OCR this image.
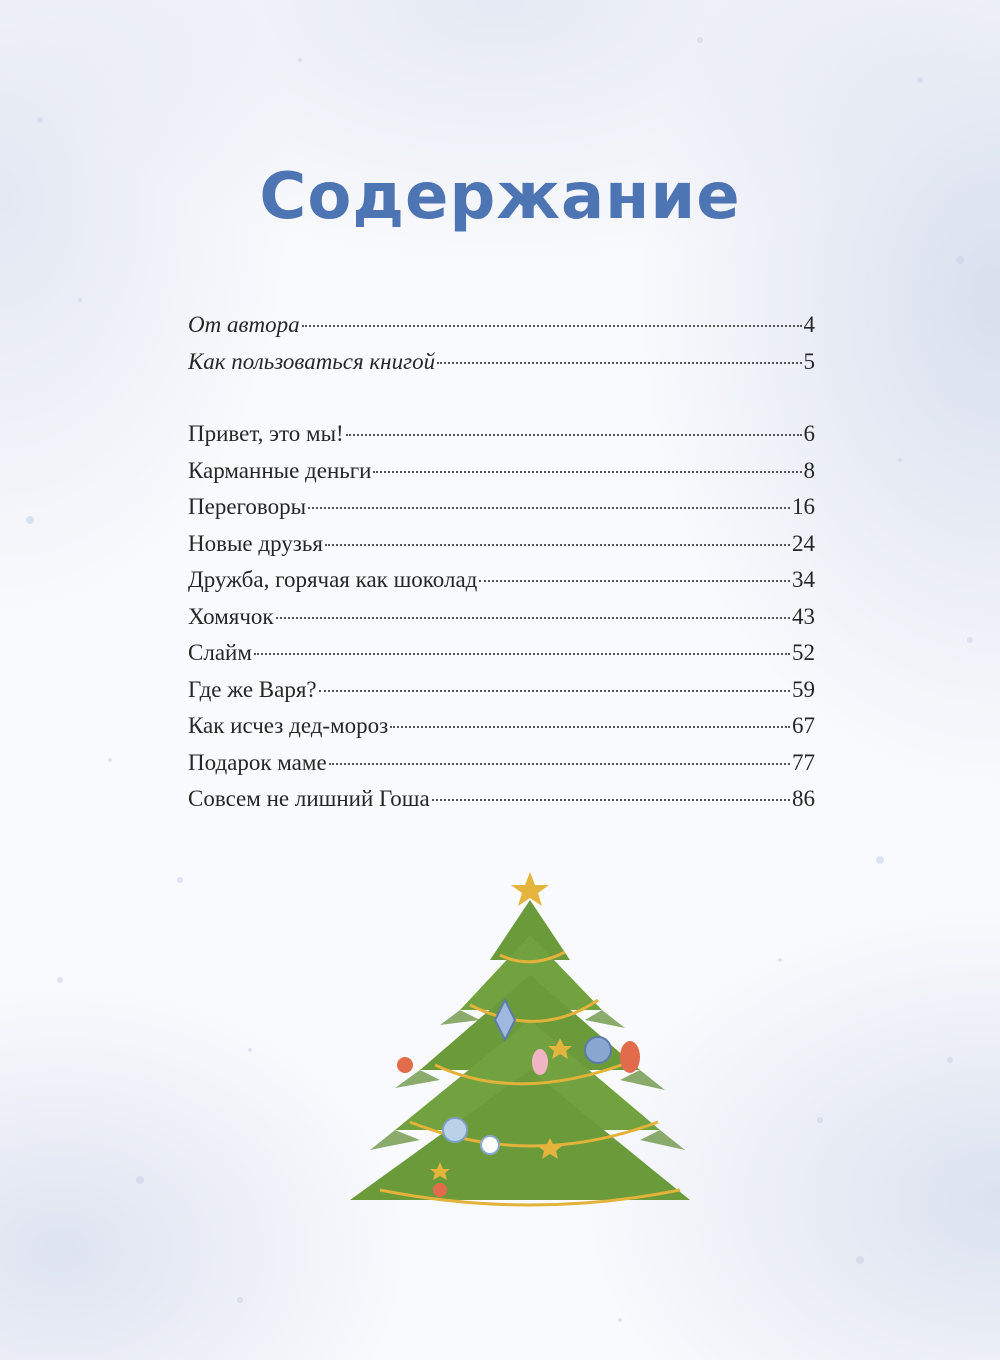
Содержание
От автора	4
Как пользоваться книгой	5
Привет, это мы!	6
Карманные деньги	8
Переговоры	16
Новые друзья	24
Дружба, горячая как шоколад	34
Хомячок	43
Слайм	52
Где же Варя?	59
Как исчез дед-мороз	67
Подарок маме	77
Совсем не лишний Гоша	86
